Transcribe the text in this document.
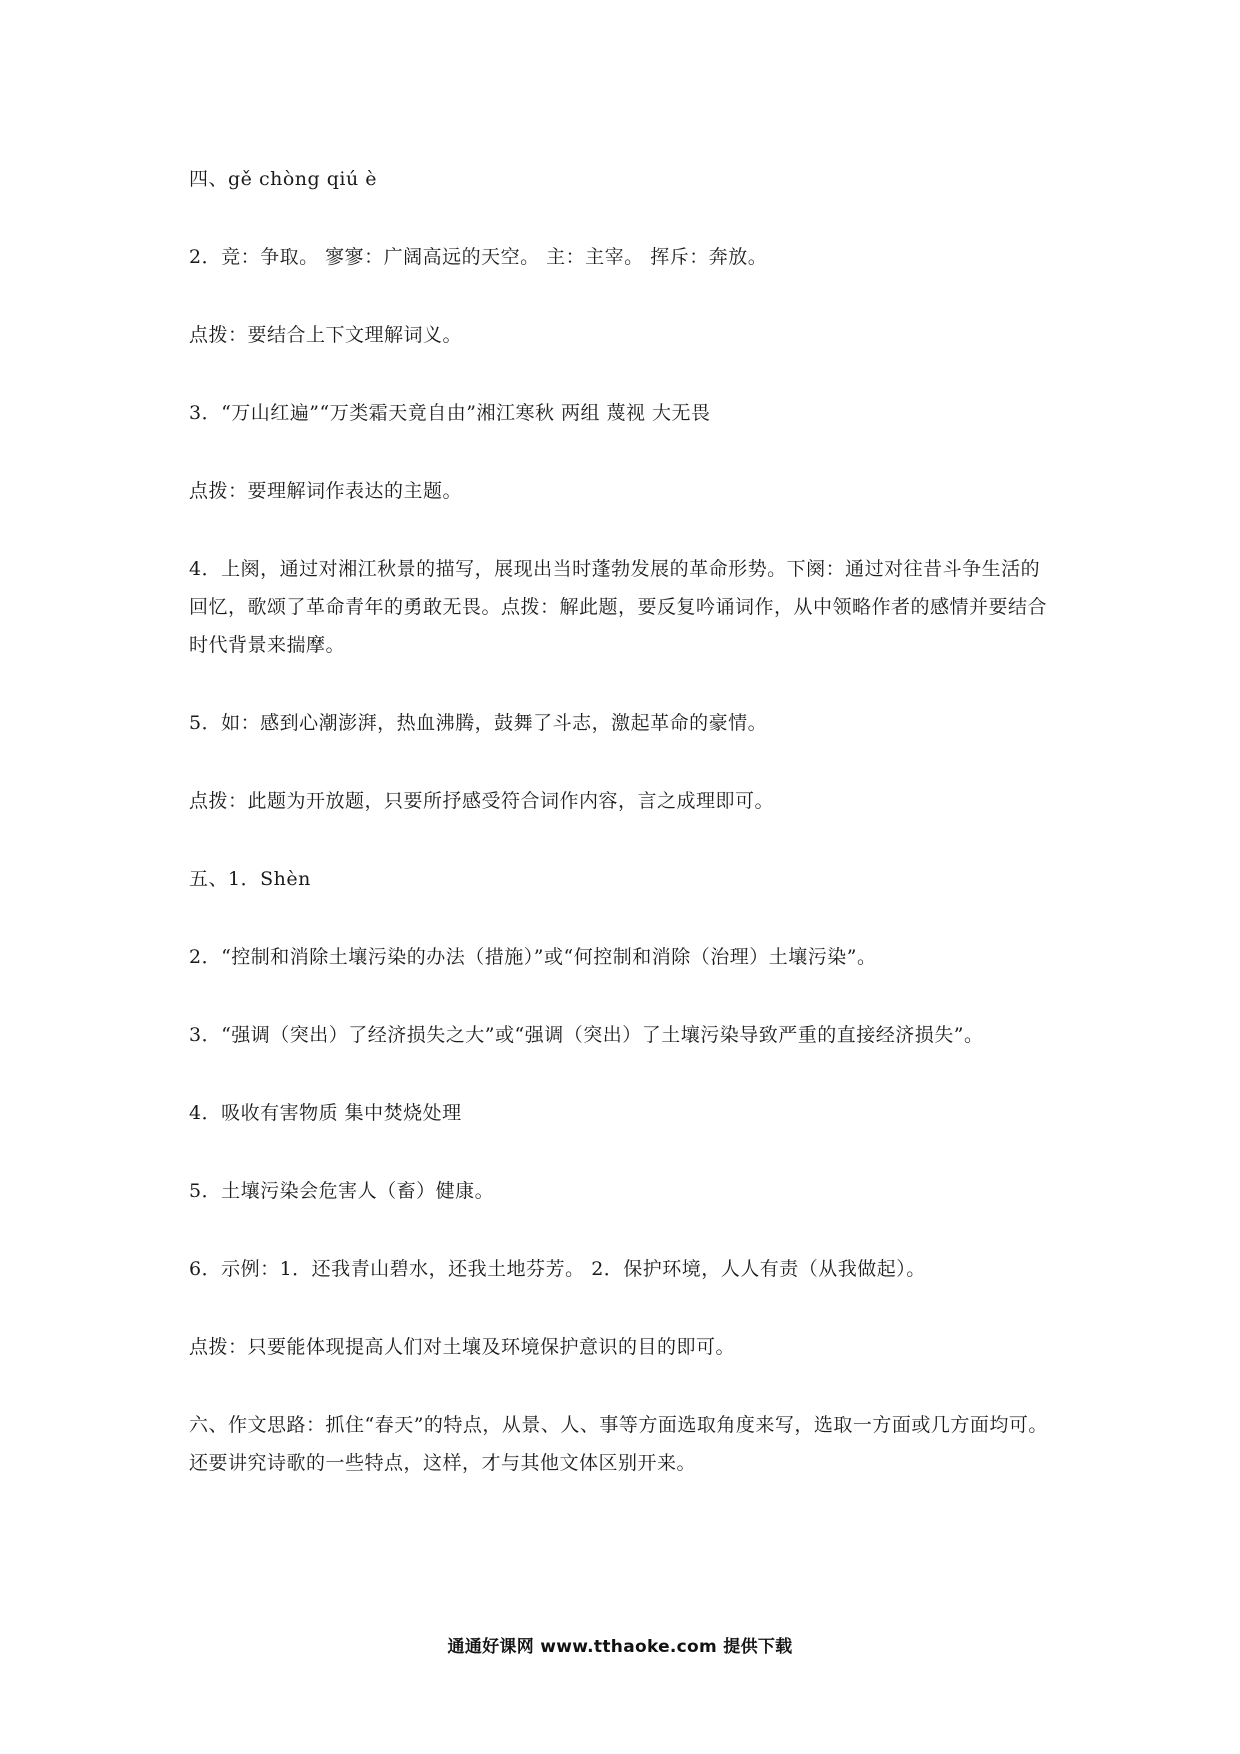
四、gě chòng qiú è

2．竞：争取。 寥寥：广阔高远的天空。 主：主宰。 挥斥：奔放。

点拨：要结合上下文理解词义。

3．“万山红遍”“万类霜天竟自由”湘江寒秋 两组 蔑视 大无畏

点拨：要理解词作表达的主题。

4．上阕，通过对湘江秋景的描写，展现出当时蓬勃发展的革命形势。下阕：通过对往昔斗争生活的回忆，歌颂了革命青年的勇敢无畏。点拨：解此题，要反复吟诵词作，从中领略作者的感情并要结合时代背景来揣摩。

5．如：感到心潮澎湃，热血沸腾，鼓舞了斗志，激起革命的豪情。

点拨：此题为开放题，只要所抒感受符合词作内容，言之成理即可。

五、1．Shèn

2．“控制和消除土壤污染的办法（措施）”或“何控制和消除（治理）土壤污染”。

3．“强调（突出）了经济损失之大”或“强调（突出）了土壤污染导致严重的直接经济损失”。

4．吸收有害物质 集中焚烧处理

5．土壤污染会危害人（畜）健康。

6．示例：1．还我青山碧水，还我土地芬芳。 2．保护环境，人人有责（从我做起）。

点拨：只要能体现提高人们对土壤及环境保护意识的目的即可。

六、作文思路：抓住“春天”的特点，从景、人、事等方面选取角度来写，选取一方面或几方面均可。还要讲究诗歌的一些特点，这样，才与其他文体区别开来。

通通好课网 www.tthaoke.com 提供下载
